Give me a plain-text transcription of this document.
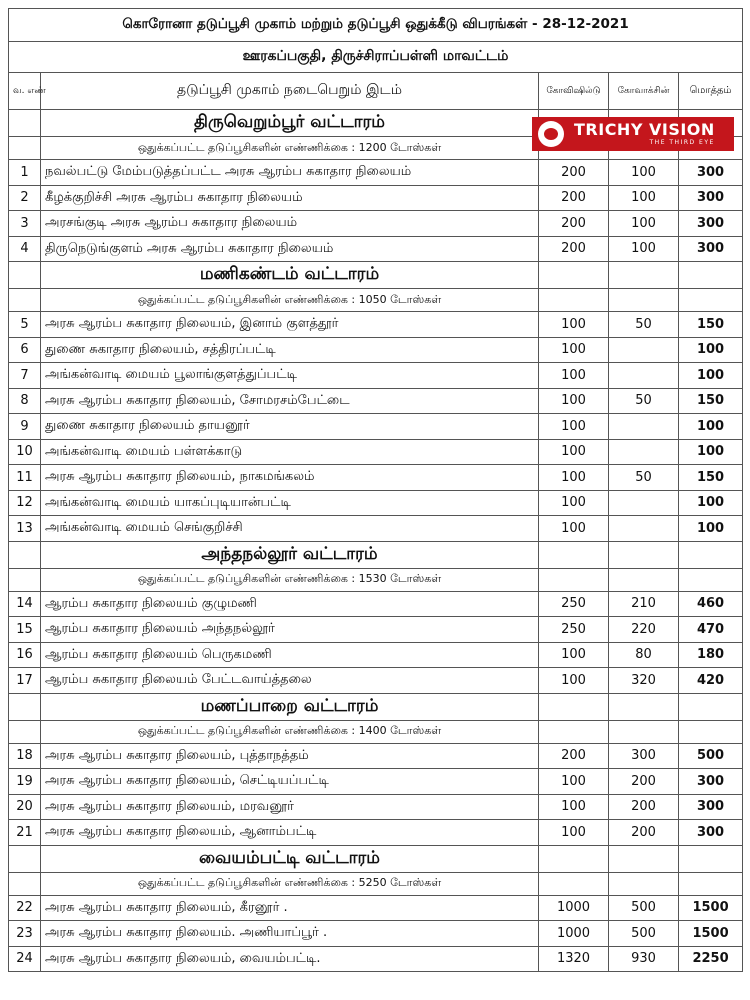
கொரோனா தடுப்பூசி முகாம் மற்றும் தடுப்பூசி ஒதுக்கீடு விபரங்கள் - 28-12-2021				
ஊரகப்பகுதி, திருச்சிராப்பள்ளி மாவட்டம்				
வ. எண்	தடுப்பூசி முகாம் நடைபெறும் இடம்	கோவிஷில்டு	கோவாக்சின்	மொத்தம்
	திருவெறும்பூர் வட்டாரம்			
	ஒதுக்கப்பட்ட தடுப்பூசிகளின் எண்ணிக்கை : 1200 டோஸ்கள்			
1	நவல்பட்டு மேம்படுத்தப்பட்ட அரசு ஆரம்ப சுகாதார நிலையம்	200	100	300
2	கீழக்குறிச்சி அரசு ஆரம்ப சுகாதார நிலையம்	200	100	300
3	அரசங்குடி அரசு ஆரம்ப சுகாதார நிலையம்	200	100	300
4	திருநெடுங்குளம் அரசு ஆரம்ப சுகாதார நிலையம்	200	100	300
	மணிகண்டம் வட்டாரம்			
	ஒதுக்கப்பட்ட தடுப்பூசிகளின் எண்ணிக்கை : 1050 டோஸ்கள்			
5	அரசு ஆரம்ப சுகாதார நிலையம், இனாம் குளத்தூர்	100	50	150
6	துணை சுகாதார நிலையம், சத்திரப்பட்டி	100		100
7	அங்கன்வாடி மையம் பூலாங்குளத்துப்பட்டி	100		100
8	அரசு ஆரம்ப சுகாதார நிலையம், சோமரசம்பேட்டை	100	50	150
9	துணை சுகாதார நிலையம் தாயனூர்	100		100
10	அங்கன்வாடி மையம் பள்ளக்காடு	100		100
11	அரசு ஆரம்ப சுகாதார நிலையம், நாகமங்கலம்	100	50	150
12	அங்கன்வாடி மையம் யாகப்புடியான்பட்டி	100		100
13	அங்கன்வாடி மையம் செங்குறிச்சி	100		100
	அந்தநல்லூர் வட்டாரம்			
	ஒதுக்கப்பட்ட தடுப்பூசிகளின் எண்ணிக்கை : 1530 டோஸ்கள்			
14	ஆரம்ப சுகாதார நிலையம் குழுமணி	250	210	460
15	ஆரம்ப சுகாதார நிலையம் அந்தநல்லூர்	250	220	470
16	ஆரம்ப சுகாதார நிலையம் பெருகமணி	100	80	180
17	ஆரம்ப சுகாதார நிலையம் பேட்டவாய்த்தலை	100	320	420
	மணப்பாறை வட்டாரம்			
	ஒதுக்கப்பட்ட தடுப்பூசிகளின் எண்ணிக்கை : 1400 டோஸ்கள்			
18	அரசு ஆரம்ப சுகாதார நிலையம், புத்தாநத்தம்	200	300	500
19	அரசு ஆரம்ப சுகாதார நிலையம், செட்டியப்பட்டி	100	200	300
20	அரசு ஆரம்ப சுகாதார நிலையம், மரவனூர்	100	200	300
21	அரசு ஆரம்ப சுகாதார நிலையம், ஆனாம்பட்டி	100	200	300
	வையம்பட்டி வட்டாரம்			
	ஒதுக்கப்பட்ட தடுப்பூசிகளின் எண்ணிக்கை : 5250 டோஸ்கள்			
22	அரசு ஆரம்ப சுகாதார நிலையம், கீரனூர் .	1000	500	1500
23	அரசு ஆரம்ப சுகாதார நிலையம். அணியாப்பூர் .	1000	500	1500
24	அரசு ஆரம்ப சுகாதார நிலையம், வையம்பட்டி.	1320	930	2250
TRICHY VISION
THE THIRD EYE
